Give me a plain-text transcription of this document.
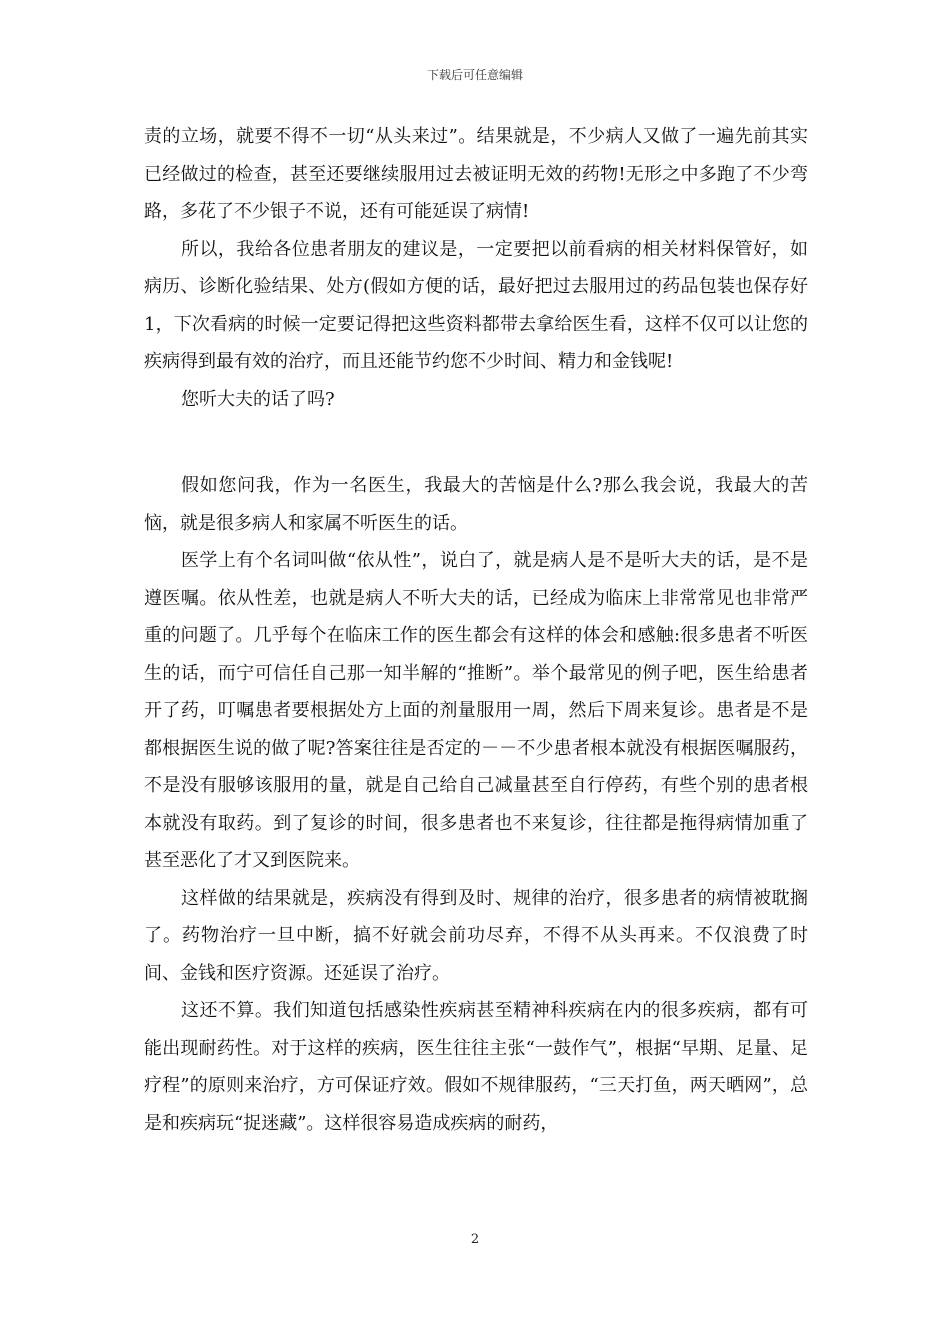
下载后可任意编辑

责的立场，就要不得不一切“从头来过”。结果就是，不少病人又做了一遍先前其实已经做过的检查，甚至还要继续服用过去被证明无效的药物!无形之中多跑了不少弯路，多花了不少银子不说，还有可能延误了病情!

所以，我给各位患者朋友的建议是，一定要把以前看病的相关材料保管好，如病历、诊断化验结果、处方(假如方便的话，最好把过去服用过的药品包装也保存好1，下次看病的时候一定要记得把这些资料都带去拿给医生看，这样不仅可以让您的疾病得到最有效的治疗，而且还能节约您不少时间、精力和金钱呢!

您听大夫的话了吗?

假如您问我，作为一名医生，我最大的苦恼是什么?那么我会说，我最大的苦恼，就是很多病人和家属不听医生的话。

医学上有个名词叫做“依从性”，说白了，就是病人是不是听大夫的话，是不是遵医嘱。依从性差，也就是病人不听大夫的话，已经成为临床上非常常见也非常严重的问题了。几乎每个在临床工作的医生都会有这样的体会和感触:很多患者不听医生的话，而宁可信任自己那一知半解的“推断”。举个最常见的例子吧，医生给患者开了药，叮嘱患者要根据处方上面的剂量服用一周，然后下周来复诊。患者是不是都根据医生说的做了呢?答案往往是否定的－－不少患者根本就没有根据医嘱服药，不是没有服够该服用的量，就是自己给自己减量甚至自行停药，有些个别的患者根本就没有取药。到了复诊的时间，很多患者也不来复诊，往往都是拖得病情加重了甚至恶化了才又到医院来。

这样做的结果就是，疾病没有得到及时、规律的治疗，很多患者的病情被耽搁了。药物治疗一旦中断，搞不好就会前功尽弃，不得不从头再来。不仅浪费了时间、金钱和医疗资源。还延误了治疗。

这还不算。我们知道包括感染性疾病甚至精神科疾病在内的很多疾病，都有可能出现耐药性。对于这样的疾病，医生往往主张“一鼓作气”，根据“早期、足量、足疗程”的原则来治疗，方可保证疗效。假如不规律服药，“三天打鱼，两天晒网”，总是和疾病玩“捉迷藏”。这样很容易造成疾病的耐药，

2
